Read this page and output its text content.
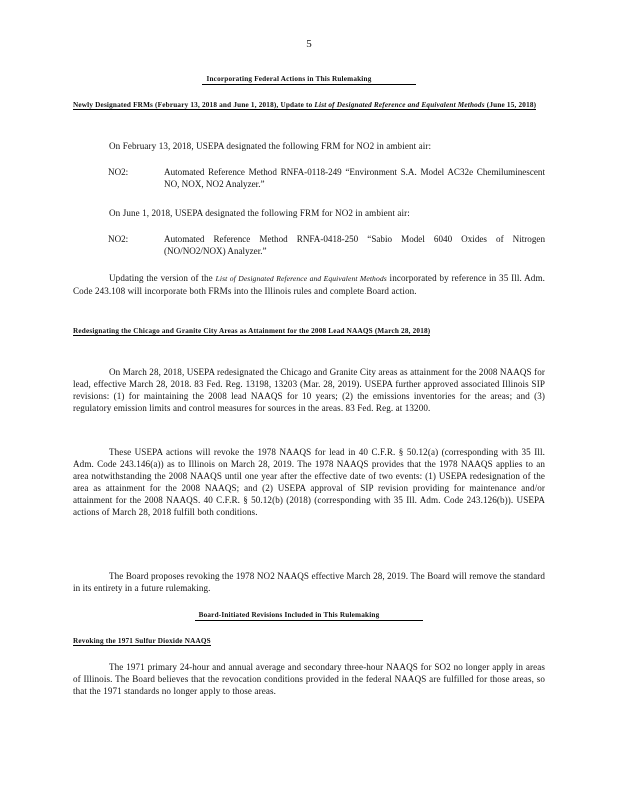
5
Incorporating Federal Actions in This Rulemaking
Newly Designated FRMs (February 13, 2018 and June 1, 2018), Update to List of Designated Reference and Equivalent Methods (June 15, 2018)
On February 13, 2018, USEPA designated the following FRM for NO2 in ambient air:
NO2:	Automated Reference Method RNFA-0118-249 “Environment S.A. Model AC32e Chemiluminescent NO, NOX, NO2 Analyzer.”
On June 1, 2018, USEPA designated the following FRM for NO2 in ambient air:
NO2:	Automated Reference Method RNFA-0418-250 “Sabio Model 6040 Oxides of Nitrogen (NO/NO2/NOX) Analyzer.”
Updating the version of the List of Designated Reference and Equivalent Methods incorporated by reference in 35 Ill. Adm. Code 243.108 will incorporate both FRMs into the Illinois rules and complete Board action.
Redesignating the Chicago and Granite City Areas as Attainment for the 2008 Lead NAAQS (March 28, 2018)
On March 28, 2018, USEPA redesignated the Chicago and Granite City areas as attainment for the 2008 NAAQS for lead, effective March 28, 2018. 83 Fed. Reg. 13198, 13203 (Mar. 28, 2019). USEPA further approved associated Illinois SIP revisions: (1) for maintaining the 2008 lead NAAQS for 10 years; (2) the emissions inventories for the areas; and (3) regulatory emission limits and control measures for sources in the areas. 83 Fed. Reg. at 13200.
These USEPA actions will revoke the 1978 NAAQS for lead in 40 C.F.R. § 50.12(a) (corresponding with 35 Ill. Adm. Code 243.146(a)) as to Illinois on March 28, 2019. The 1978 NAAQS provides that the 1978 NAAQS applies to an area notwithstanding the 2008 NAAQS until one year after the effective date of two events: (1) USEPA redesignation of the area as attainment for the 2008 NAAQS; and (2) USEPA approval of SIP revision providing for maintenance and/or attainment for the 2008 NAAQS. 40 C.F.R. § 50.12(b) (2018) (corresponding with 35 Ill. Adm. Code 243.126(b)). USEPA actions of March 28, 2018 fulfill both conditions.
The Board proposes revoking the 1978 NO2 NAAQS effective March 28, 2019. The Board will remove the standard in its entirety in a future rulemaking.
Board-Initiated Revisions Included in This Rulemaking
Revoking the 1971 Sulfur Dioxide NAAQS
The 1971 primary 24-hour and annual average and secondary three-hour NAAQS for SO2 no longer apply in areas of Illinois. The Board believes that the revocation conditions provided in the federal NAAQS are fulfilled for those areas, so that the 1971 standards no longer apply to those areas.
